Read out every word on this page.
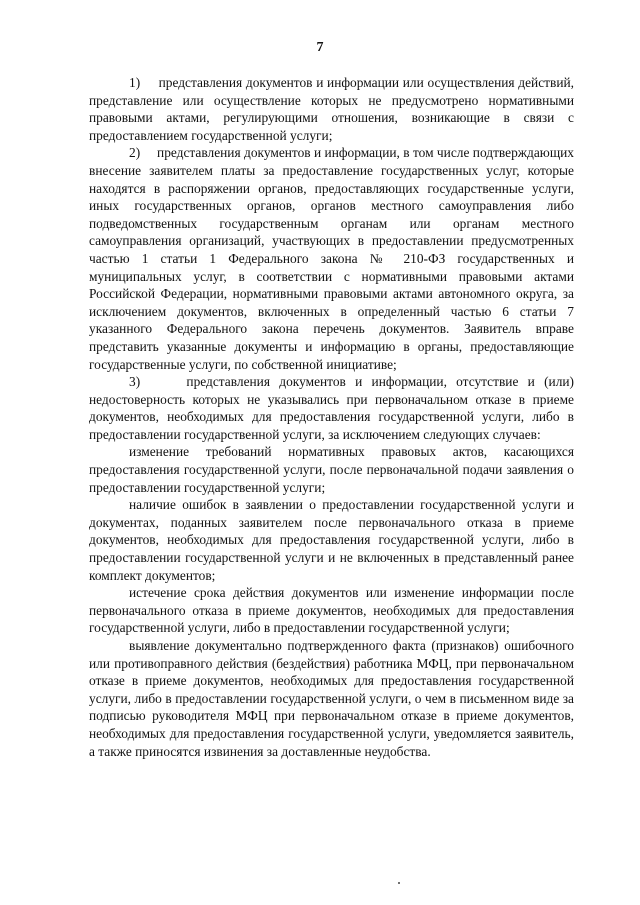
7

1)     представления документов и информации или осуществления действий, представление или осуществление которых не предусмотрено нормативными правовыми актами, регулирующими отношения, возникающие в связи с предоставлением государственной услуги;

2)     представления документов и информации, в том числе подтверждающих внесение заявителем платы за предоставление государственных услуг, которые находятся в распоряжении органов, предоставляющих государственные услуги, иных государственных органов, органов местного самоуправления либо подведомственных государственным органам или органам местного самоуправления организаций, участвующих в предоставлении предусмотренных частью 1 статьи 1 Федерального закона № 210-ФЗ государственных и муниципальных услуг, в соответствии с нормативными правовыми актами Российской Федерации, нормативными правовыми актами автономного округа, за исключением документов, включенных в определенный частью 6 статьи 7 указанного Федерального закона перечень документов. Заявитель вправе представить указанные документы и информацию в органы, предоставляющие государственные услуги, по собственной инициативе;

3)     представления документов и информации, отсутствие и (или) недостоверность которых не указывались при первоначальном отказе в приеме документов, необходимых для предоставления государственной услуги, либо в предоставлении государственной услуги, за исключением следующих случаев:

изменение требований нормативных правовых актов, касающихся предоставления государственной услуги, после первоначальной подачи заявления о предоставлении государственной услуги;

наличие ошибок в заявлении о предоставлении государственной услуги и документах, поданных заявителем после первоначального отказа в приеме документов, необходимых для предоставления государственной услуги, либо в предоставлении государственной услуги и не включенных в представленный ранее комплект документов;

истечение срока действия документов или изменение информации после первоначального отказа в приеме документов, необходимых для предоставления государственной услуги, либо в предоставлении государственной услуги;

выявление документально подтвержденного факта (признаков) ошибочного или противоправного действия (бездействия) работника МФЦ, при первоначальном отказе в приеме документов, необходимых для предоставления государственной услуги, либо в предоставлении государственной услуги, о чем в письменном виде за подписью руководителя МФЦ при первоначальном отказе в приеме документов, необходимых для предоставления государственной услуги, уведомляется заявитель, а также приносятся извинения за доставленные неудобства.
